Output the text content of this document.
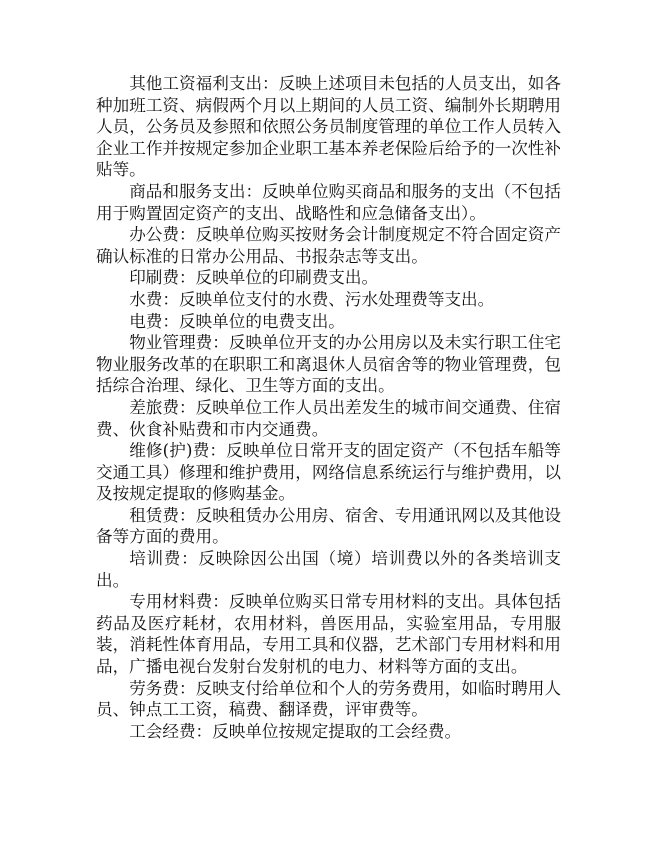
其他工资福利支出：反映上述项目未包括的人员支出，如各种加班工资、病假两个月以上期间的人员工资、编制外长期聘用人员，公务员及参照和依照公务员制度管理的单位工作人员转入企业工作并按规定参加企业职工基本养老保险后给予的一次性补贴等。

商品和服务支出：反映单位购买商品和服务的支出（不包括用于购置固定资产的支出、战略性和应急储备支出）。

办公费：反映单位购买按财务会计制度规定不符合固定资产确认标准的日常办公用品、书报杂志等支出。

印刷费：反映单位的印刷费支出。

水费：反映单位支付的水费、污水处理费等支出。

电费：反映单位的电费支出。

物业管理费：反映单位开支的办公用房以及未实行职工住宅物业服务改革的在职职工和离退休人员宿舍等的物业管理费，包括综合治理、绿化、卫生等方面的支出。

差旅费：反映单位工作人员出差发生的城市间交通费、住宿费、伙食补贴费和市内交通费。

维修(护)费：反映单位日常开支的固定资产（不包括车船等交通工具）修理和维护费用，网络信息系统运行与维护费用，以及按规定提取的修购基金。

租赁费：反映租赁办公用房、宿舍、专用通讯网以及其他设备等方面的费用。

培训费：反映除因公出国（境）培训费以外的各类培训支出。

专用材料费：反映单位购买日常专用材料的支出。具体包括药品及医疗耗材，农用材料，兽医用品，实验室用品，专用服装，消耗性体育用品，专用工具和仪器，艺术部门专用材料和用品，广播电视台发射台发射机的电力、材料等方面的支出。

劳务费：反映支付给单位和个人的劳务费用，如临时聘用人员、钟点工工资，稿费、翻译费，评审费等。

工会经费：反映单位按规定提取的工会经费。
